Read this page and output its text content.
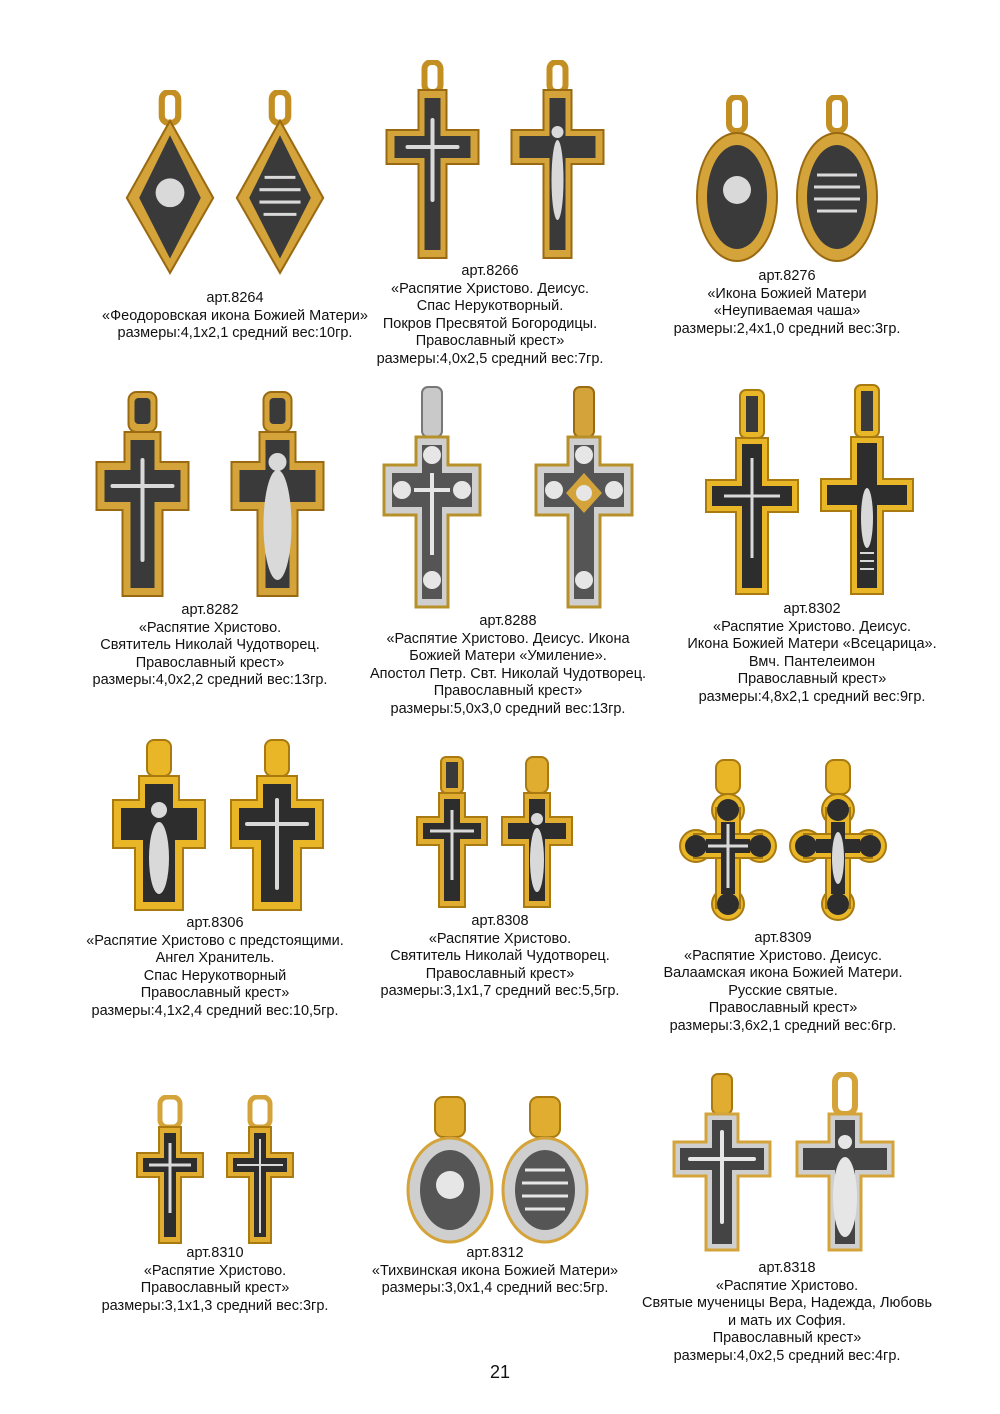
арт.8264
«Феодоровская икона Божией Матери»
размеры:4,1х2,1 средний вес:10гр.
арт.8266
«Распятие Христово. Деисус.
Спас Нерукотворный.
Покров Пресвятой Богородицы.
Православный крест»
размеры:4,0х2,5 средний вес:7гр.
арт.8276
«Икона Божией Матери
«Неупиваемая чаша»
размеры:2,4х1,0 средний вес:3гр.
арт.8282
«Распятие Христово.
Святитель Николай Чудотворец.
Православный крест»
размеры:4,0х2,2 средний вес:13гр.
арт.8288
«Распятие Христово. Деисус. Икона
Божией Матери «Умиление».
Апостол Петр. Свт. Николай Чудотворец.
Православный крест»
размеры:5,0х3,0 средний вес:13гр.
арт.8302
«Распятие Христово. Деисус.
Икона Божией Матери «Всецарица».
Вмч. Пантелеимон
Православный крест»
размеры:4,8х2,1 средний вес:9гр.
арт.8306
«Распятие Христово с предстоящими.
Ангел Хранитель.
Спас Нерукотворный
Православный крест»
размеры:4,1х2,4 средний вес:10,5гр.
арт.8308
«Распятие Христово.
Святитель Николай Чудотворец.
Православный крест»
размеры:3,1х1,7 средний вес:5,5гр.
арт.8309
«Распятие Христово. Деисус.
Валаамская икона Божией Матери.
Русские святые.
Православный крест»
размеры:3,6х2,1 средний вес:6гр.
арт.8310
«Распятие Христово.
Православный крест»
размеры:3,1х1,3 средний вес:3гр.
арт.8312
«Тихвинская икона Божией Матери»
размеры:3,0х1,4 средний вес:5гр.
арт.8318
«Распятие Христово.
Святые мученицы Вера, Надежда, Любовь
и мать их София.
Православный крест»
размеры:4,0х2,5 средний вес:4гр.
21
